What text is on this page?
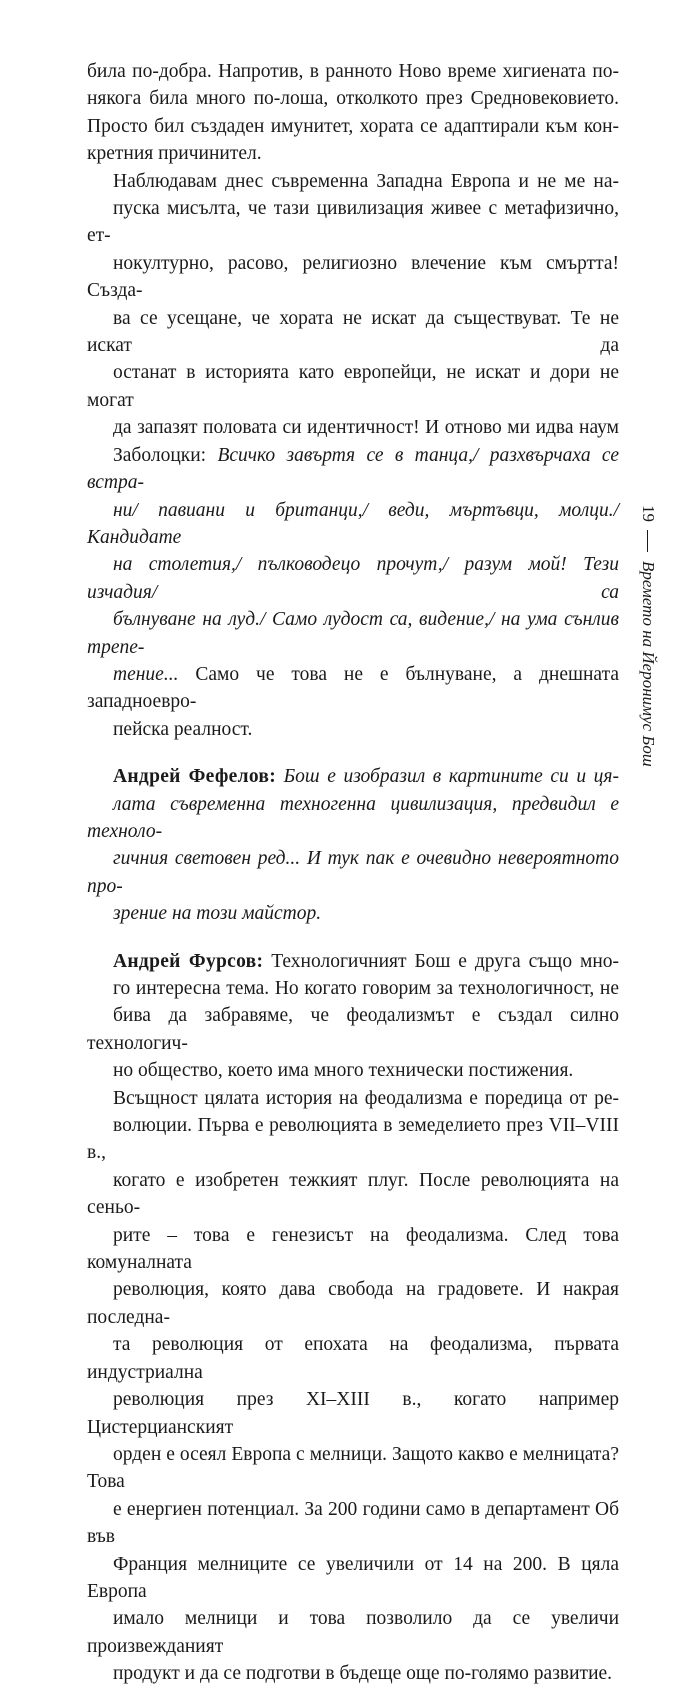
била по-добра. Напротив, в ранното Ново време хигиената по-
някога била много по-лоша, отколкото през Средновековието.
Просто бил създаден имунитет, хората се адаптирали към кон-
кретния причинител.

Наблюдавам днес съвременна Западна Европа и не ме на-
пуска мисълта, че тази цивилизация живее с метафизично, ет-
нокултурно, расово, религиозно влечение към смъртта! Създа-
ва се усещане, че хората не искат да съществуват. Те не искат да
останат в историята като европейци, не искат и дори не могат
да запазят половата си идентичност! И отново ми идва наум
Заболоцки: Всичко завъртя се в танца,/ разхвърчаха се встра-
ни/ павиани и британци,/ веди, мъртъвци, молци./ Кандидате
на столетия,/ пълководецо прочут,/ разум мой! Тези изчадия/ са
бълнуване на луд./ Само лудост са, видение,/ на ума сънлив трепе-
тение... Само че това не е бълнуване, а днешната западноевро-
пейска реалност.

Андрей Фефелов: Бош е изобразил в картините си и ця-
лата съвременна техногенна цивилизация, предвидил е техноло-
гичния световен ред... И тук пак е очевидно невероятното про-
зрение на този майстор.

Андрей Фурсов: Технологичният Бош е друга също мно-
го интересна тема. Но когато говорим за технологичност, не
бива да забравяме, че феодализмът е създал силно технологич-
но общество, което има много технически постижения.

Всъщност цялата история на феодализма е поредица от ре-
волюции. Първа е революцията в земеделието през VII–VIII в.,
когато е изобретен тежкият плуг. После революцията на сеньо-
рите – това е генезисът на феодализма. След това комуналната
революция, която дава свобода на градовете. И накрая последна-
та революция от епохата на феодализма, първата индустриална
революция през XI–XIII в., когато например Цистерцианският
орден е осеял Европа с мелници. Защото какво е мелницата? Това
е енергиен потенциал. За 200 години само в департамент Об във
Франция мелниците се увеличили от 14 на 200. В цяла Европа
имало мелници и това позволило да се увеличи произвежданият
продукт и да се подготви в бъдеще още по-голямо развитие.

19
Времето на Йеронимус Бош
